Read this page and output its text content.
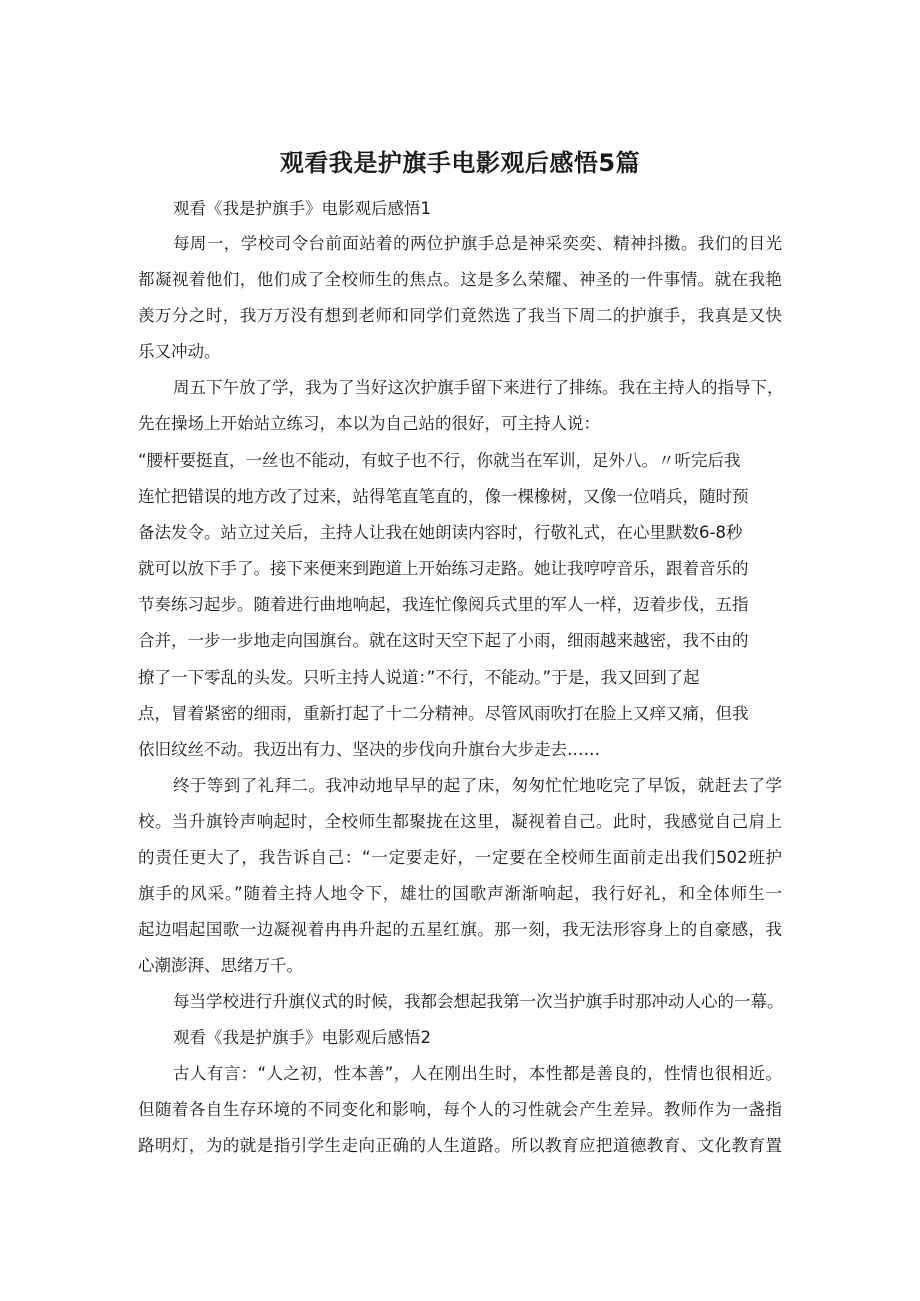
观看我是护旗手电影观后感悟5篇
观看《我是护旗手》电影观后感悟1
每周一，学校司令台前面站着的两位护旗手总是神采奕奕、精神抖擞。我们的目光
都凝视着他们，他们成了全校师生的焦点。这是多么荣耀、神圣的一件事情。就在我艳
羡万分之时，我万万没有想到老师和同学们竟然选了我当下周二的护旗手，我真是又快
乐又冲动。
周五下午放了学，我为了当好这次护旗手留下来进行了排练。我在主持人的指导下，
先在操场上开始站立练习，本以为自己站的很好，可主持人说：
“腰杆要挺直，一丝也不能动，有蚊子也不行，你就当在军训，足外八。〃听完后我
连忙把错误的地方改了过来，站得笔直笔直的，像一棵橡树，又像一位哨兵，随时预
备法发令。站立过关后，主持人让我在她朗读内容时，行敬礼式，在心里默数6-8秒
就可以放下手了。接下来便来到跑道上开始练习走路。她让我哼哼音乐，跟着音乐的
节奏练习起步。随着进行曲地响起，我连忙像阅兵式里的军人一样，迈着步伐，五指
合并，一步一步地走向国旗台。就在这时天空下起了小雨，细雨越来越密，我不由的
撩了一下零乱的头发。只听主持人说道：”不行，不能动。”于是，我又回到了起
点，冒着紧密的细雨，重新打起了十二分精神。尽管风雨吹打在脸上又痒又痛，但我
依旧纹丝不动。我迈出有力、坚决的步伐向升旗台大步走去……
终于等到了礼拜二。我冲动地早早的起了床，匆匆忙忙地吃完了早饭，就赶去了学
校。当升旗铃声响起时，全校师生都聚拢在这里，凝视着自己。此时，我感觉自己肩上
的责任更大了，我告诉自己：“一定要走好，一定要在全校师生面前走出我们502班护
旗手的风采。”随着主持人地令下，雄壮的国歌声渐渐响起，我行好礼，和全体师生一
起边唱起国歌一边凝视着冉冉升起的五星红旗。那一刻，我无法形容身上的自豪感，我
心潮澎湃、思绪万千。
每当学校进行升旗仪式的时候，我都会想起我第一次当护旗手时那冲动人心的一幕。
观看《我是护旗手》电影观后感悟2
古人有言：“人之初，性本善”，人在刚出生时，本性都是善良的，性情也很相近。
但随着各自生存环境的不同变化和影响，每个人的习性就会产生差异。教师作为一盏指
路明灯，为的就是指引学生走向正确的人生道路。所以教育应把道德教育、文化教育置
